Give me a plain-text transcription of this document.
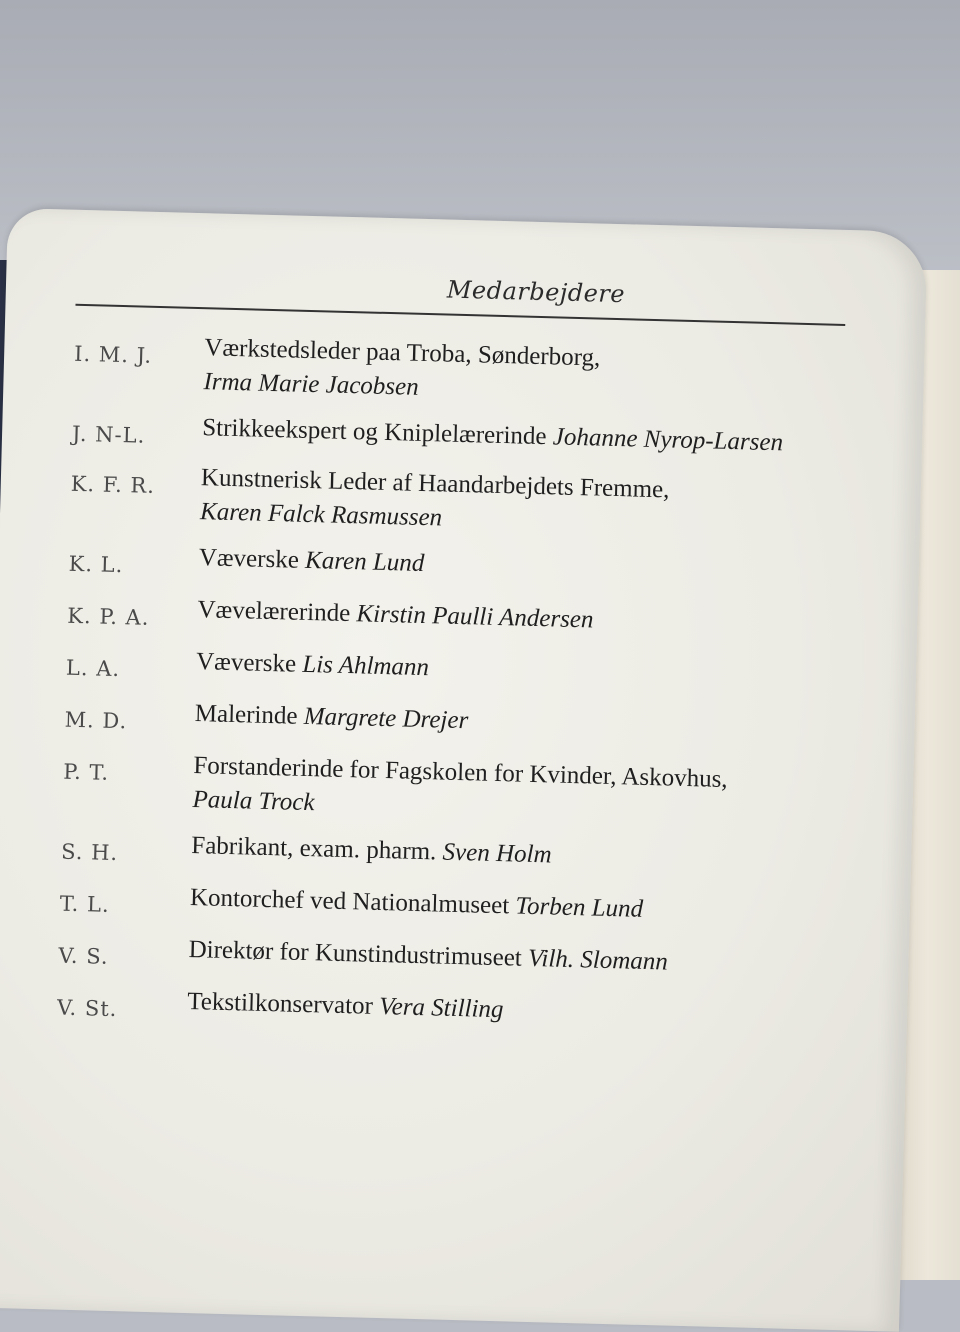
Medarbejdere
I. M. J.	Værkstedsleder paa Troba, Sønderborg,
Irma Marie Jacobsen
J. N-L.	Strikkeekspert og Kniplelærerinde Johanne Nyrop-Larsen
K. F. R.	Kunstnerisk Leder af Haandarbejdets Fremme,
Karen Falck Rasmussen
K. L.	Væverske Karen Lund
K. P. A.	Vævelærerinde Kirstin Paulli Andersen
L. A.	Væverske Lis Ahlmann
M. D.	Malerinde Margrete Drejer
P. T.	Forstanderinde for Fagskolen for Kvinder, Askovhus,
Paula Trock
S. H.	Fabrikant, exam. pharm. Sven Holm
T. L.	Kontorchef ved Nationalmuseet Torben Lund
V. S.	Direktør for Kunstindustrimuseet Vilh. Slomann
V. St.	Tekstilkonservator Vera Stilling
